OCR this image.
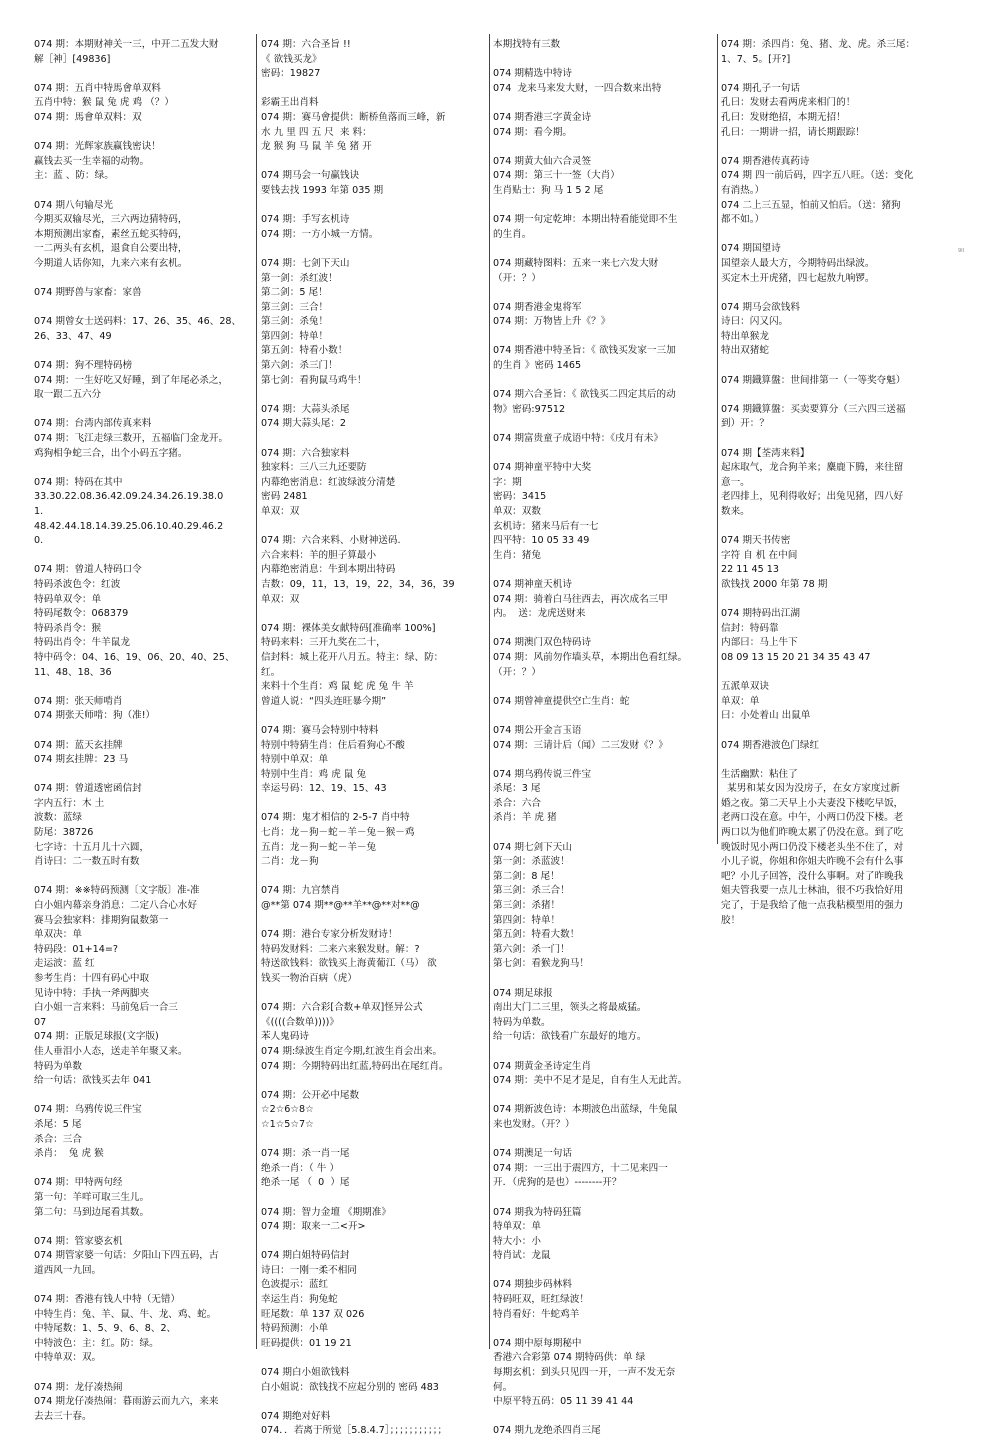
074 期：本期财神关一三，中开二五发大财
解［神］[49836]
074 期：五肖中特馬會单双料
五肖中特：猴 鼠 兔 虎 鸡 （？）
074 期：馬會单双料：双
074 期：光辉家族赢钱密诀！
赢钱去买一生幸福的动物。
主：蓝 、防：绿。
074 期八句输尽光
今期买双输尽光，三六两边猜特码，
本期预测出家畜，素丝五蛇买特码，
一二两头有玄机，退食自公要出特，
今期道人话你知，九来六来有玄机。
074 期野兽与家畜：家兽
074 期曾女士送码料：17、26、35、46、28、
26、33、47、49
074 期：狗不理特码榜
074 期：一生好吃又好睡，到了年尾必杀之，
取一跟二五六分
074 期：台湾内部传真来料
074 期：飞江走绿三数开，五福临门金龙开。
鸡狗相争蛇三合，出个小码五字猪。
074 期：特码在其中
33.30.22.08.36.42.09.24.34.26.19.38.0
1.
48.42.44.18.14.39.25.06.10.40.29.46.2
0.
074 期：曾道人特码口令
特码杀波色令：红波
特码单双令：单
特码尾数令：068379
特码杀肖令：猴
特码出肖令：牛羊鼠龙
特中码令：04、16、19、06、20、40、25、
11、48、18、36
074 期：张天师啃肖
074 期张天师啃：狗（准!）
074 期：蓝天玄挂牌
074 期玄挂牌：23 马
074 期：曾道透密函信封
字内五行：木 土
波数：蓝绿
防尾：38726
七字诗：十五月儿十六圆，
肖诗曰：二一数五时有数
074 期：※※特码预测〔文字版〕准-准
白小姐内幕亲身消息：二定八合心水好
赛马会独家料：排期狗鼠数第一
单双决：单
特码段：01+14=?
走运波：蓝 红
参考生肖：十四有码心中取
见诗中特：手执一斧两脚夹
白小姐一言来料：马前兔后一合三
07
074 期：正版足球报(文字版)
佳人垂泪小人态，送走羊年聚又来。
特码为单数
给一句话：欲钱买去年 041
074 期：乌鸦传说三件宝
杀尾：5 尾
杀合：三合
杀肖：  兔 虎 猴
074 期：甲特两句经
第一句：羊咩可取三生儿。
第二句：马到边尾看其数。
074 期：管家婆玄机
074 期管家婆一句话：夕阳山下四五码，古
道西风一九回。
074 期：香港有钱人中特（无错）
中特生肖：兔、羊、鼠、牛、龙、鸡、蛇。
中特尾数：1、5、9、6、8、2、
中特波色：主：红。防：绿。
中特单双：双。
074 期：龙仔凑热闹
074 期龙仔凑热闹：暮雨游云而九六，来来
去去三十春。
074 期：六合圣旨 !!
《 欲钱买龙》
密码：19827
彩霸王出肖料
074 期：赛马會提供：断桥鱼落而三峰，新
水 九 里 四 五 尺  来 料：
龙 猴 狗 马 鼠 羊 兔 猪 开
074 期马会一句赢钱诀
要钱去找 1993 年第 035 期
074 期：手写玄机诗
074 期：一方小城一方情。
074 期：七剑下天山
第一剑：杀红波！
第二剑：5 尾！
第三剑：三合！
第三剑：杀兔！
第四剑：特单！
第五剑：特看小数！
第六剑：杀三门！
第七剑：看狗鼠马鸡牛！
074 期：大蒜头杀尾
074 期大蒜头尾：2
074 期：六合独家料
独家料：三八三九还要防
内幕绝密消息：红波绿波分清楚
密码 2481
单双：双
074 期：六合来料、小财神送码.
六合来料：羊的胆子算最小
内幕绝密消息：牛到本期出特码
吉数：09，11，13，19，22，34，36，39
单双：双
074 期：裸体美女献特码[准确率 100%]
特码来料：三开九奖在二十，
信封料：城上花开八月五。特主：绿、防：
红。
来料十个生肖：鸡 鼠 蛇 虎 兔 牛 羊
曾道人说：“四头连旺暴今期”
074 期：赛马会特别中特料
特别中特猜生肖：住后看狗心不酸
特别中单双：单
特别中生肖：鸡 虎 鼠 兔
幸运号码：12、19、15、43
074 期：鬼才相信的 2-5-7 肖中特
七肖：龙－狗－蛇－羊－兔－猴－鸡
五肖：龙－狗－蛇－羊－兔
二肖：龙－狗
074 期：九宫禁肖
@**第 074 期**@**羊**@**对**@
074 期：港台专家分析发财诗！
特码发财料：二来六来猴发财。解：?
特送欲钱料：欲钱买上海黄葡江（马） 欲
钱买一物治百病（虎）
074 期：六合彩[合数+单双]怪异公式
《((((合数单))))》
苯人鬼码诗
074 期:绿波生肖定今期,红波生肖会出来。
074 期：今期特码出红蓝,特码出在尾红肖。
074 期：公开必中尾数
☆2☆6☆8☆
☆1☆5☆7☆
074 期：杀一肖一尾
绝杀一肖：（ 牛 ）
绝杀一尾 （  0  ）尾
074 期：智力金壇 《期期准》
074 期：取来一二<开>
074 期白姐特码信封
诗曰：一刚一柔不相同
色波提示：蓝红
幸运生肖：狗兔蛇
旺尾数：单 137 双 026
特码预测：小单
旺码提供：01 19 21
074 期白小姐欲钱料
白小姐说：欲钱找不应起分别的 密码 483
074 期绝对好料
074．．若离于所觉［5.8.4.7］；；；；；；；；；；；
本期找特有三数
074 期精选中特诗
074  龙来马来发大财，一四合数来出特
074 期香港三字黄金诗
074 期：看今期。
074 期黄大仙六合灵签
074 期：第三十一签（大肖）
生肖贴士：狗 马 1 5 2 尾
074 期一句定乾坤：本期出特看能觉即不生
的生肖。
074 期藏特图料：五来一来七六发大财
（开：？）
074 期香港金鬼将军
074 期：万物皆上升《？》
074 期香港中特圣旨：《 欲钱买发家一三加
的生肖 》密码 1465
074 期六合圣旨：《 欲钱买二四定其后的动
物》密码:97512
074 期富贵童子成语中特：《戌月有未》
074 期神童平特中大奖
字：期
密码：3415
单双：双数
玄机诗：猪来马后有一七
四平特：10 05 33 49
生肖：猪兔
074 期神童天机诗
074 期：骑着白马往西去，再次成名三甲
内。  送：龙虎送财来
074 期澳门双色特码诗
074 期：风前勿作墙头草，本期出色看红绿。
（开：？）
074 期曾神童提供空亡生肖：蛇
074 期公开金言玉语
074 期：三请计后（闻）二三发财《？》
074 期乌鸦传说三件宝
杀尾：3 尾
杀合：六合
杀肖：羊 虎 猪
074 期七剑下天山
第一剑：杀蓝波！
第二剑：8 尾！
第三剑：杀三合！
第三剑：杀猪！
第四剑：特单！
第五剑：特看大数！
第六剑：杀一门！
第七剑：看猴龙狗马！
074 期足球报
南出大门二三里，领头之将最威猛。
特码为单数。
给一句话：欲钱看广东最好的地方。
074 期黄金圣诗定生肖
074 期：美中不足才是足，自有生人无此苦。
074 期新波色诗：本期波色出蓝绿，牛兔鼠
来也发财。（开？）
074 期澳足一句话
074 期：一三出于震四方，十二见来四一
开．（虎狗的是也）--------开？
074 期我为特码狂篇
特单双：单
特大小：小
特肖试：龙鼠
074 期独步码林料
特码旺双，旺红绿波！
特肖看好：牛蛇鸡羊
074 期中原每期秘中
香港六合彩第 074 期特码供：单 绿
每期玄机：到头只见四一开，一声不发无奈
何。
中原平特五码：05 11 39 41 44
074 期九龙绝杀四肖三尾
074 期：杀四肖：兔、猪、龙、虎。杀三尾：
1、7、5。[开?]
074 期孔子一句话
孔曰：发财去看两虎来相门的！
孔曰：发财绝招，本期无招！
孔曰：一期讲一招，请长期跟踪！
074 期香港传真药诗
074 期 四一前后码，四字五八旺。（送：变化
有消热。）
074 二上三五显，怕前又怕后。（送：猪狗
都不如。）
074 期国望诗
国望亲人最大方，今期特码出绿波。
买定木土开虎猪，四七起敖九响锣。
074 期马会欲钱料
诗曰：闪又闪。
特出单猴龙
特出双猪蛇
074 期鐡算盤：世间排第一（一等奖夺魁）
074 期鐡算盤：买卖要算分（三六四三送福
到）开：？
074 期【荃湾来料】
起床取气，龙合狗羊来；麋鹿下腾，来往留
意一。
老四排上，见利得收好；出兔见猪，四八好
数来。
074 期天书传密
字符 自 机 在中间
22 11 45 13
欲钱找 2000 年第 78 期
074 期特码出江湖
信封：特码靠
内部曰：马上牛下
08 09 13 15 20 21 34 35 43 47
五派单双诀
单双：单
曰：小处着山 出鼠单
074 期香港波色门绿红
生活幽默：粘住了
某男和某女因为没房子，在女方家度过新
婚之夜。第二天早上小夫妻没下楼吃早饭，
老两口没在意。中午，小两口仍没下楼。老
两口以为他们昨晚太累了仍没在意。到了吃
晚饭时见小两口仍没下楼老头坐不住了，对
小儿子说，你姐和你姐夫昨晚不会有什么事
吧？小儿子回答，没什么事啊。对了昨晚我
姐夫管我要一点儿士林油，很不巧我恰好用
完了，于是我给了他一点我粘模型用的强力
胶！
9II
